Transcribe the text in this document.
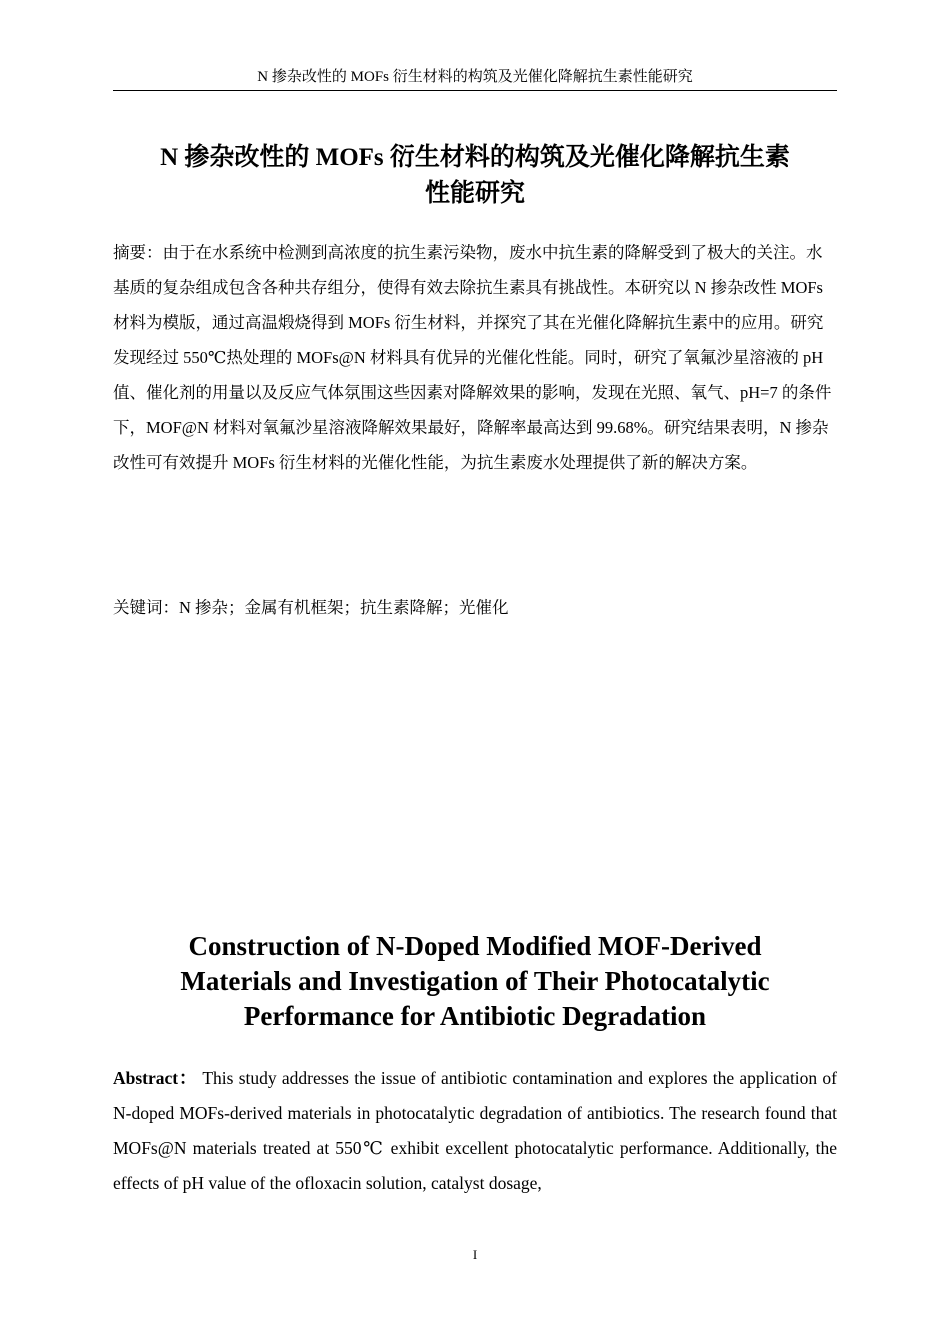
N 掺杂改性的 MOFs 衍生材料的构筑及光催化降解抗生素性能研究
N 掺杂改性的 MOFs 衍生材料的构筑及光催化降解抗生素
性能研究

摘要：由于在水系统中检测到高浓度的抗生素污染物，废水中抗生素的降解受到了极大的关注。水基质的复杂组成包含各种共存组分，使得有效去除抗生素具有挑战性。本研究以 N 掺杂改性 MOFs 材料为模版，通过高温煅烧得到 MOFs 衍生材料，并探究了其在光催化降解抗生素中的应用。研究发现经过 550℃热处理的 MOFs@N 材料具有优异的光催化性能。同时，研究了氧氟沙星溶液的 pH 值、催化剂的用量以及反应气体氛围这些因素对降解效果的影响，发现在光照、氧气、pH=7 的条件下，MOF@N 材料对氧氟沙星溶液降解效果最好，降解率最高达到 99.68%。研究结果表明，N 掺杂改性可有效提升 MOFs 衍生材料的光催化性能，为抗生素废水处理提供了新的解决方案。

关键词：N 掺杂；金属有机框架；抗生素降解；光催化

Construction of N-Doped Modified MOF-Derived
Materials and Investigation of Their Photocatalytic
Performance for Antibiotic Degradation

Abstract： This study addresses the issue of antibiotic contamination and explores the application of N-doped MOFs-derived materials in photocatalytic degradation of antibiotics. The research found that MOFs@N materials treated at 550℃ exhibit excellent photocatalytic performance. Additionally, the effects of pH value of the ofloxacin solution, catalyst dosage,

I
